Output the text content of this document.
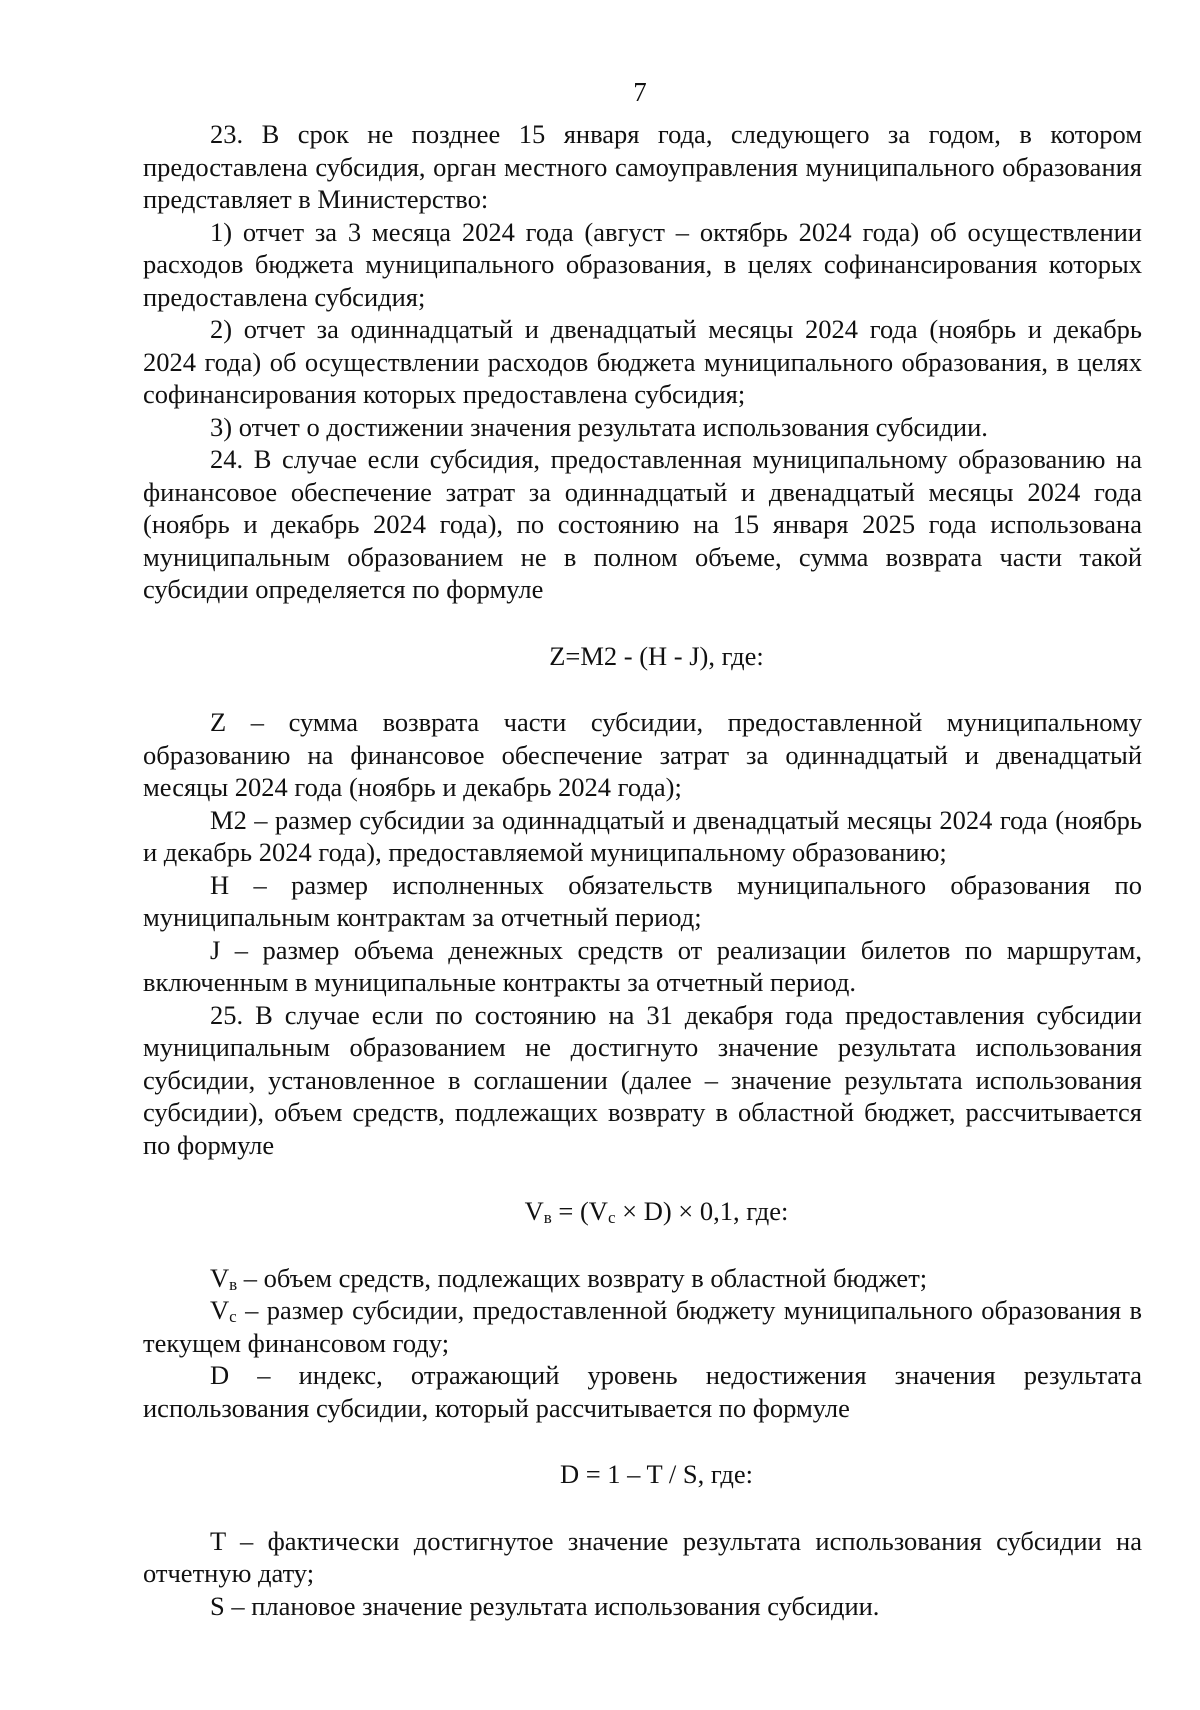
7

23. В срок не позднее 15 января года, следующего за годом, в котором предоставлена субсидия, орган местного самоуправления муниципального образования представляет в Министерство:

1) отчет за 3 месяца 2024 года (август – октябрь 2024 года) об осуществлении расходов бюджета муниципального образования, в целях софинансирования которых предоставлена субсидия;

2) отчет за одиннадцатый и двенадцатый месяцы 2024 года (ноябрь и декабрь 2024 года) об осуществлении расходов бюджета муниципального образования, в целях софинансирования которых предоставлена субсидия;

3) отчет о достижении значения результата использования субсидии.

24. В случае если субсидия, предоставленная муниципальному образованию на финансовое обеспечение затрат за одиннадцатый и двенадцатый месяцы 2024 года (ноябрь и декабрь 2024 года), по состоянию на 15 января 2025 года использована муниципальным образованием не в полном объеме, сумма возврата части такой субсидии определяется по формуле

Z=M2 - (H - J), где:

Z – сумма возврата части субсидии, предоставленной муниципальному образованию на финансовое обеспечение затрат за одиннадцатый и двенадцатый месяцы 2024 года (ноябрь и декабрь 2024 года);

M2 – размер субсидии за одиннадцатый и двенадцатый месяцы 2024 года (ноябрь и декабрь 2024 года), предоставляемой муниципальному образованию;

H – размер исполненных обязательств муниципального образования по муниципальным контрактам за отчетный период;

J – размер объема денежных средств от реализации билетов по маршрутам, включенным в муниципальные контракты за отчетный период.

25. В случае если по состоянию на 31 декабря года предоставления субсидии муниципальным образованием не достигнуто значение результата использования субсидии, установленное в соглашении (далее – значение результата использования субсидии), объем средств, подлежащих возврату в областной бюджет, рассчитывается по формуле

$V_в = (V_с \times D) \times 0,1$, где:

$V_в$ – объем средств, подлежащих возврату в областной бюджет;

$V_с$ – размер субсидии, предоставленной бюджету муниципального образования в текущем финансовом году;

D – индекс, отражающий уровень недостижения значения результата использования субсидии, который рассчитывается по формуле

D = 1 – T / S, где:

T – фактически достигнутое значение результата использования субсидии на отчетную дату;

S – плановое значение результата использования субсидии.
